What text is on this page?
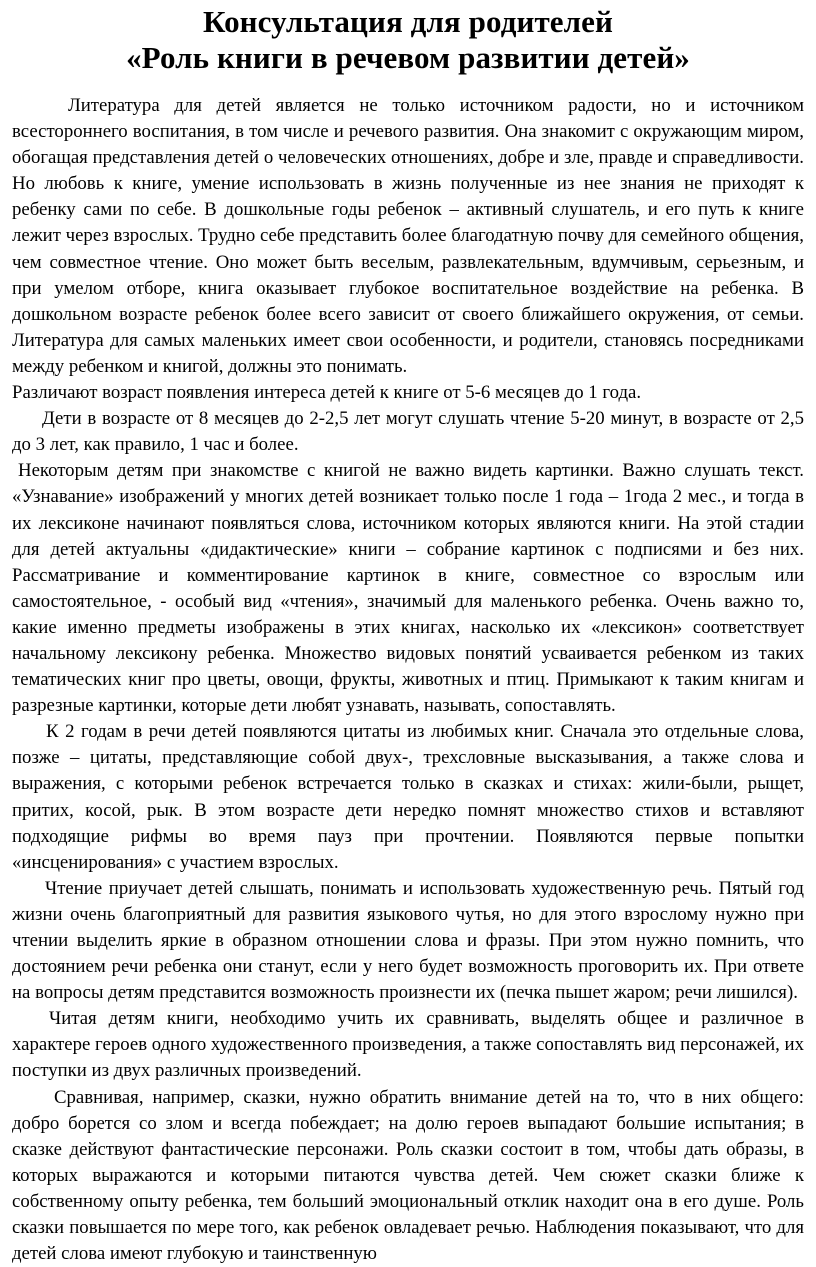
Консультация для родителей
«Роль книги в речевом развитии детей»

Литература для детей является не только источником радости, но и источником всестороннего воспитания, в том числе и речевого развития. Она знакомит с окружающим миром, обогащая представления детей о человеческих отношениях, добре и зле, правде и справедливости. Но любовь к книге, умение использовать в жизнь полученные из нее знания не приходят к ребенку сами по себе. В дошкольные годы ребенок – активный слушатель, и его путь к книге лежит через взрослых. Трудно себе представить более благодатную почву для семейного общения, чем совместное чтение. Оно может быть веселым, развлекательным, вдумчивым, серьезным, и при умелом отборе, книга оказывает глубокое воспитательное воздействие на ребенка. В дошкольном возрасте ребенок более всего зависит от своего ближайшего окружения, от семьи. Литература для самых маленьких имеет свои особенности, и родители, становясь посредниками между ребенком и книгой, должны это понимать.

Различают возраст появления интереса детей к книге от 5-6 месяцев до 1 года.

Дети в возрасте от 8 месяцев до 2-2,5 лет могут слушать чтение 5-20 минут, в возрасте от 2,5 до 3 лет, как правило, 1 час и более.

Некоторым детям при знакомстве с книгой не важно видеть картинки. Важно слушать текст. «Узнавание» изображений у многих детей возникает только после 1 года – 1года 2 мес., и тогда в их лексиконе начинают появляться слова, источником которых являются книги. На этой стадии для детей актуальны «дидактические» книги – собрание картинок с подписями и без них. Рассматривание и комментирование картинок в книге, совместное со взрослым или самостоятельное, - особый вид «чтения», значимый для маленького ребенка. Очень важно то, какие именно предметы изображены в этих книгах, насколько их «лексикон» соответствует начальному лексикону ребенка. Множество видовых понятий усваивается ребенком из таких тематических книг про цветы, овощи, фрукты, животных и птиц. Примыкают к таким книгам и разрезные картинки, которые дети любят узнавать, называть, сопоставлять.

К 2 годам в речи детей появляются цитаты из любимых книг. Сначала это отдельные слова, позже – цитаты, представляющие собой двух-, трехсловные высказывания, а также слова и выражения, с которыми ребенок встречается только в сказках и стихах: жили-были, рыщет, притих, косой, рык. В этом возрасте дети нередко помнят множество стихов и вставляют подходящие рифмы во время пауз при прочтении. Появляются первые попытки «инсценирования» с участием взрослых.

Чтение приучает детей слышать, понимать и использовать художественную речь. Пятый год жизни очень благоприятный для развития языкового чутья, но для этого взрослому нужно при чтении выделить яркие в образном отношении слова и фразы. При этом нужно помнить, что достоянием речи ребенка они станут, если у него будет возможность проговорить их. При ответе на вопросы детям представится возможность произнести их (печка пышет жаром; речи лишился).

Читая детям книги, необходимо учить их сравнивать, выделять общее и различное в характере героев одного художественного произведения, а также сопоставлять вид персонажей, их поступки из двух различных произведений.

Сравнивая, например, сказки, нужно обратить внимание детей на то, что в них общего: добро борется со злом и всегда побеждает; на долю героев выпадают большие испытания; в сказке действуют фантастические персонажи. Роль сказки состоит в том, чтобы дать образы, в которых выражаются и которыми питаются чувства детей. Чем сюжет сказки ближе к собственному опыту ребенка, тем больший эмоциональный отклик находит она в его душе. Роль сказки повышается по мере того, как ребенок овладевает речью. Наблюдения показывают, что для детей слова имеют глубокую и таинственную
